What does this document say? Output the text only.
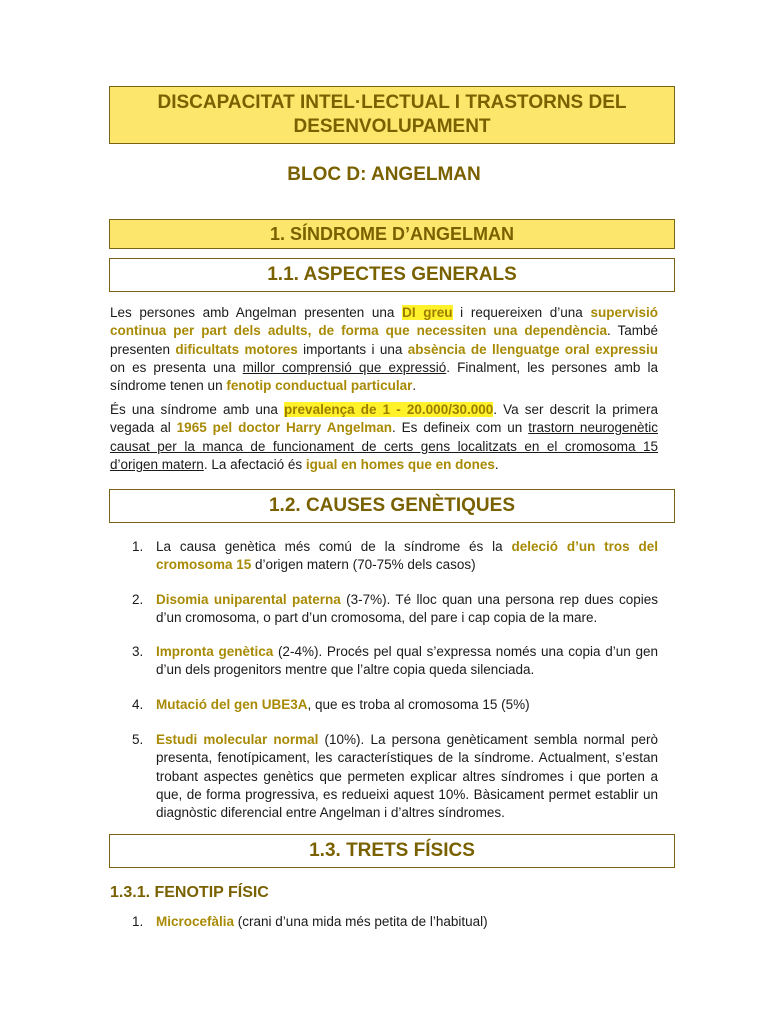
DISCAPACITAT INTEL·LECTUAL I TRASTORNS DEL DESENVOLUPAMENT
BLOC D: ANGELMAN
1. SÍNDROME D’ANGELMAN
1.1. ASPECTES GENERALS
Les persones amb Angelman presenten una DI greu i requereixen d’una supervisió continua per part dels adults, de forma que necessiten una dependència. També presenten dificultats motores importants i una absència de llenguatge oral expressiu on es presenta una millor comprensió que expressió. Finalment, les persones amb la síndrome tenen un fenotip conductual particular.
És una síndrome amb una prevalença de 1 - 20.000/30.000. Va ser descrit la primera vegada al 1965 pel doctor Harry Angelman. Es defineix com un trastorn neurogenètic causat per la manca de funcionament de certs gens localitzats en el cromosoma 15 d’origen matern. La afectació és igual en homes que en dones.
1.2. CAUSES GENÈTIQUES
1. La causa genètica més comú de la síndrome és la deleció d’un tros del cromosoma 15 d’origen matern (70-75% dels casos)
2. Disomia uniparental paterna (3-7%). Té lloc quan una persona rep dues copies d’un cromosoma, o part d’un cromosoma, del pare i cap copia de la mare.
3. Impronta genètica (2-4%). Procés pel qual s’expressa només una copia d’un gen d’un dels progenitors mentre que l’altre copia queda silenciada.
4. Mutació del gen UBE3A, que es troba al cromosoma 15 (5%)
5. Estudi molecular normal (10%). La persona genèticament sembla normal però presenta, fenotípicament, les característiques de la síndrome. Actualment, s’estan trobant aspectes genètics que permeten explicar altres síndromes i que porten a que, de forma progressiva, es redueixi aquest 10%. Bàsicament permet establir un diagnòstic diferencial entre Angelman i d’altres síndromes.
1.3. TRETS FÍSICS
1.3.1. FENOTIP FÍSIC
1. Microcefàlia (crani d’una mida més petita de l’habitual)
